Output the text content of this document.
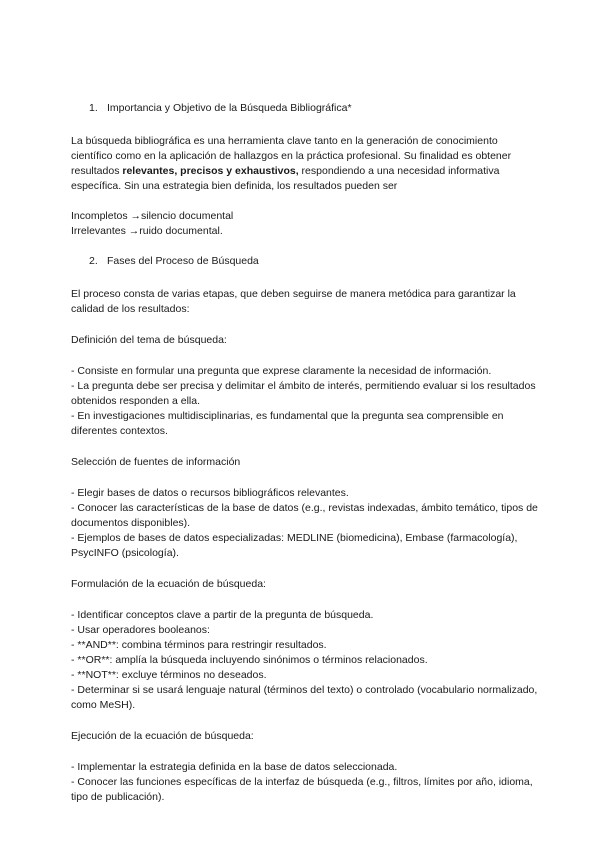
1. Importancia y Objetivo de la Búsqueda Bibliográfica*

La búsqueda bibliográfica es una herramienta clave tanto en la generación de conocimiento científico como en la aplicación de hallazgos en la práctica profesional. Su finalidad es obtener resultados relevantes, precisos y exhaustivos, respondiendo a una necesidad informativa específica. Sin una estrategia bien definida, los resultados pueden ser

Incompletos →silencio documental

Irrelevantes →ruido documental.

2. Fases del Proceso de Búsqueda

El proceso consta de varias etapas, que deben seguirse de manera metódica para garantizar la calidad de los resultados:

Definición del tema de búsqueda:

- Consiste en formular una pregunta que exprese claramente la necesidad de información.
- La pregunta debe ser precisa y delimitar el ámbito de interés, permitiendo evaluar si los resultados obtenidos responden a ella.
- En investigaciones multidisciplinarias, es fundamental que la pregunta sea comprensible en diferentes contextos.

Selección de fuentes de información

- Elegir bases de datos o recursos bibliográficos relevantes.
- Conocer las características de la base de datos (e.g., revistas indexadas, ámbito temático, tipos de documentos disponibles).
- Ejemplos de bases de datos especializadas: MEDLINE (biomedicina), Embase (farmacología), PsycINFO (psicología).

Formulación de la ecuación de búsqueda:

- Identificar conceptos clave a partir de la pregunta de búsqueda.
- Usar operadores booleanos:
- **AND**: combina términos para restringir resultados.
- **OR**: amplía la búsqueda incluyendo sinónimos o términos relacionados.
- **NOT**: excluye términos no deseados.
- Determinar si se usará lenguaje natural (términos del texto) o controlado (vocabulario normalizado, como MeSH).

Ejecución de la ecuación de búsqueda:

- Implementar la estrategia definida en la base de datos seleccionada.
- Conocer las funciones específicas de la interfaz de búsqueda (e.g., filtros, límites por año, idioma, tipo de publicación).
